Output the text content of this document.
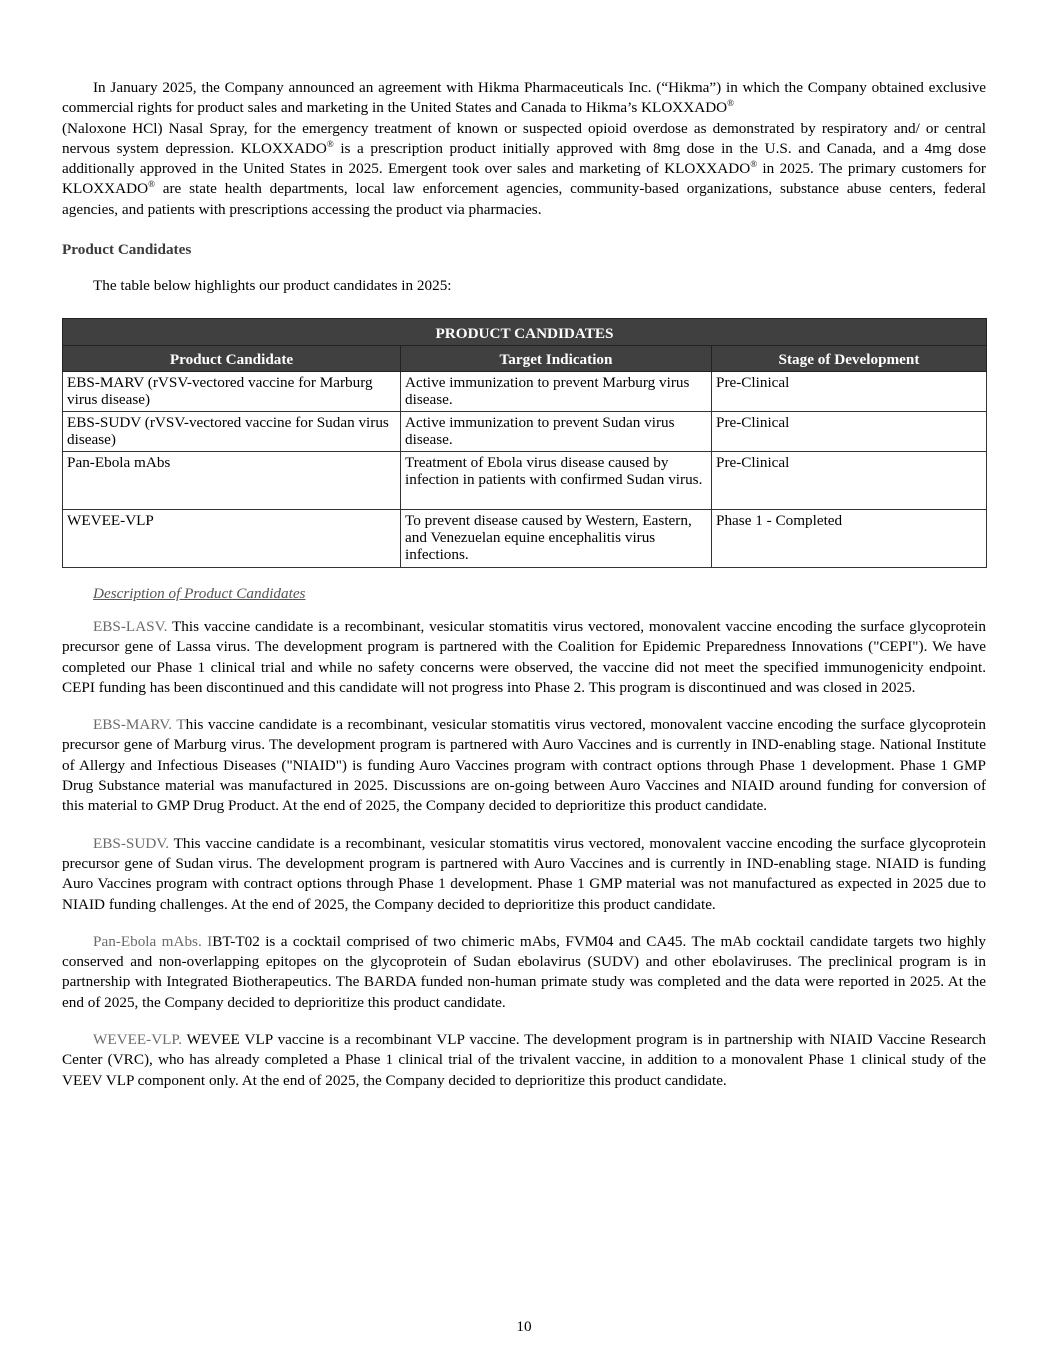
In January 2025, the Company announced an agreement with Hikma Pharmaceuticals Inc. (“Hikma”) in which the Company obtained exclusive commercial rights for product sales and marketing in the United States and Canada to Hikma’s KLOXXADO®
(Naloxone HCl) Nasal Spray, for the emergency treatment of known or suspected opioid overdose as demonstrated by respiratory and/ or central nervous system depression. KLOXXADO® is a prescription product initially approved with 8mg dose in the U.S. and Canada, and a 4mg dose additionally approved in the United States in 2025. Emergent took over sales and marketing of KLOXXADO® in 2025. The primary customers for KLOXXADO® are state health departments, local law enforcement agencies, community-based organizations, substance abuse centers, federal agencies, and patients with prescriptions accessing the product via pharmacies.

Product Candidates

The table below highlights our product candidates in 2025:

PRODUCT CANDIDATES		
Product Candidate	Target Indication	Stage of Development
EBS-MARV (rVSV-vectored vaccine for Marburg virus disease)	Active immunization to prevent Marburg virus disease.	Pre-Clinical
EBS-SUDV (rVSV-vectored vaccine for Sudan virus disease)	Active immunization to prevent Sudan virus disease.	Pre-Clinical
Pan-Ebola mAbs	Treatment of Ebola virus disease caused by infection in patients with confirmed Sudan virus.	Pre-Clinical
WEVEE-VLP	To prevent disease caused by Western, Eastern, and Venezuelan equine encephalitis virus infections.	Phase 1 - Completed
Description of Product Candidates

EBS-LASV. This vaccine candidate is a recombinant, vesicular stomatitis virus vectored, monovalent vaccine encoding the surface glycoprotein precursor gene of Lassa virus. The development program is partnered with the Coalition for Epidemic Preparedness Innovations ("CEPI"). We have completed our Phase 1 clinical trial and while no safety concerns were observed, the vaccine did not meet the specified immunogenicity endpoint. CEPI funding has been discontinued and this candidate will not progress into Phase 2. This program is discontinued and was closed in 2025.

EBS-MARV. This vaccine candidate is a recombinant, vesicular stomatitis virus vectored, monovalent vaccine encoding the surface glycoprotein precursor gene of Marburg virus. The development program is partnered with Auro Vaccines and is currently in IND-enabling stage. National Institute of Allergy and Infectious Diseases ("NIAID") is funding Auro Vaccines program with contract options through Phase 1 development. Phase 1 GMP Drug Substance material was manufactured in 2025. Discussions are on-going between Auro Vaccines and NIAID around funding for conversion of this material to GMP Drug Product. At the end of 2025, the Company decided to deprioritize this product candidate.

EBS-SUDV. This vaccine candidate is a recombinant, vesicular stomatitis virus vectored, monovalent vaccine encoding the surface glycoprotein precursor gene of Sudan virus. The development program is partnered with Auro Vaccines and is currently in IND-enabling stage. NIAID is funding Auro Vaccines program with contract options through Phase 1 development. Phase 1 GMP material was not manufactured as expected in 2025 due to NIAID funding challenges. At the end of 2025, the Company decided to deprioritize this product candidate.

Pan-Ebola mAbs. IBT-T02 is a cocktail comprised of two chimeric mAbs, FVM04 and CA45. The mAb cocktail candidate targets two highly conserved and non-overlapping epitopes on the glycoprotein of Sudan ebolavirus (SUDV) and other ebolaviruses. The preclinical program is in partnership with Integrated Biotherapeutics. The BARDA funded non-human primate study was completed and the data were reported in 2025. At the end of 2025, the Company decided to deprioritize this product candidate.

WEVEE-VLP. WEVEE VLP vaccine is a recombinant VLP vaccine. The development program is in partnership with NIAID Vaccine Research Center (VRC), who has already completed a Phase 1 clinical trial of the trivalent vaccine, in addition to a monovalent Phase 1 clinical study of the VEEV VLP component only. At the end of 2025, the Company decided to deprioritize this product candidate.

10
